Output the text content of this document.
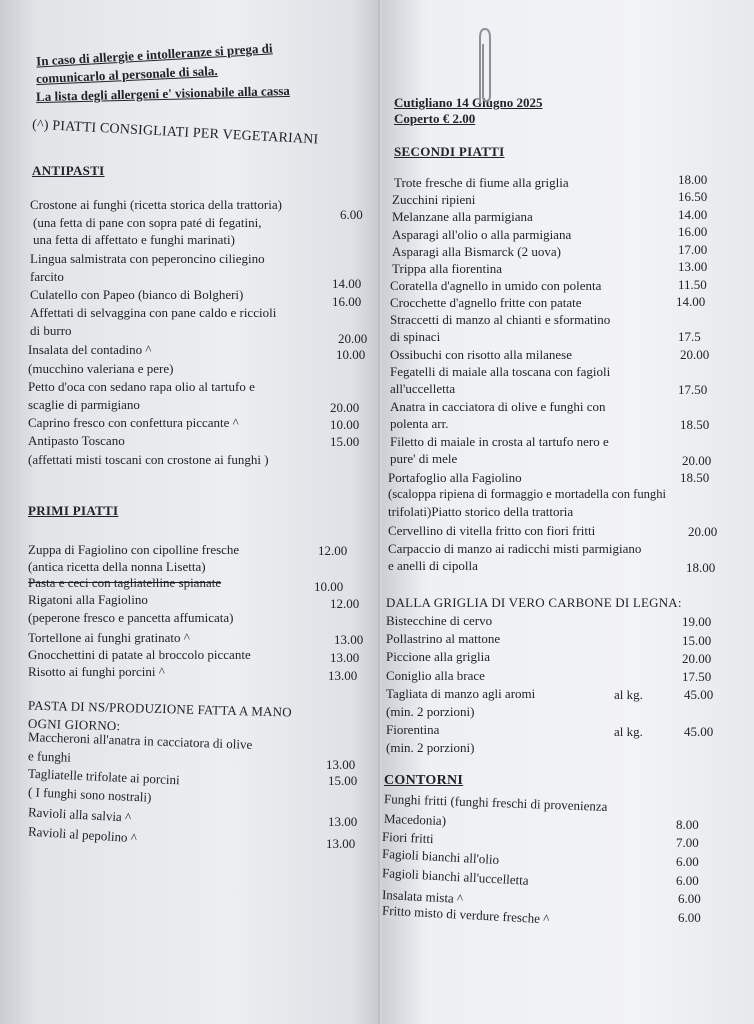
In caso di allergie e intolleranze si prega di
comunicarlo al personale di sala.
La lista degli allergeni e' visionabile alla cassa
(^) PIATTI CONSIGLIATI PER VEGETARIANI
ANTIPASTI
Crostone ai funghi (ricetta storica della trattoria)
(una fetta di pane con sopra paté di fegatini,
una fetta di affettato e funghi marinati)
Lingua salmistrata con peperoncino ciliegino
farcito
Culatello con Papeo (bianco di Bolgheri)
Affettati di selvaggina con pane caldo e riccioli
di burro
Insalata del contadino ^
(mucchino valeriana e pere)
Petto d'oca con sedano rapa olio al tartufo e
scaglie di parmigiano
Caprino fresco con confettura piccante ^
Antipasto Toscano
(affettati misti toscani con crostone ai funghi )
6.00
14.00
16.00
20.00
10.00
20.00
10.00
15.00
PRIMI PIATTI
Zuppa di Fagiolino con cipolline fresche
(antica ricetta della nonna Lisetta)
Pasta e ceci con tagliatelline spianate
Rigatoni alla Fagiolino
(peperone fresco e pancetta affumicata)
Tortellone ai funghi gratinato ^
Gnocchettini di patate al broccolo piccante
Risotto ai funghi porcini ^
12.00
10.00
12.00
13.00
13.00
13.00
PASTA DI NS/PRODUZIONE FATTA A MANO
OGNI GIORNO:
Maccheroni all'anatra in cacciatora di olive
e funghi
Tagliatelle trifolate ai porcini
( I funghi sono nostrali)
Ravioli alla salvia ^
Ravioli al pepolino ^
13.00
15.00
13.00
13.00
Cutigliano 14 Giugno 2025
Coperto € 2.00
SECONDI PIATTI
Trote fresche di fiume alla griglia
Zucchini ripieni
Melanzane alla parmigiana
Asparagi all'olio o alla parmigiana
Asparagi alla Bismarck (2 uova)
Trippa alla fiorentina
Coratella d'agnello in umido con polenta
Crocchette d'agnello fritte con patate
Straccetti di manzo al chianti e sformatino
di spinaci
Ossibuchi con risotto alla milanese
Fegatelli di maiale alla toscana con fagioli
all'uccelletta
Anatra in cacciatora di olive e funghi con
polenta arr.
Filetto di maiale in crosta al tartufo nero e
pure' di mele
Portafoglio alla Fagiolino
(scaloppa ripiena di formaggio e mortadella con funghi
trifolati)Piatto storico della trattoria
Cervellino di vitella fritto con fiori fritti
Carpaccio di manzo ai radicchi misti parmigiano
e anelli di cipolla
18.00
16.50
14.00
16.00
17.00
13.00
11.50
14.00
17.5
20.00
17.50
18.50
20.00
18.50
20.00
18.00
DALLA GRIGLIA DI VERO CARBONE DI LEGNA:
Bistecchine di cervo
Pollastrino al mattone
Piccione alla griglia
Coniglio alla brace
Tagliata di manzo agli aromi
(min. 2 porzioni)
Fiorentina
(min. 2 porzioni)
al kg.
al kg.
19.00
15.00
20.00
17.50
45.00
45.00
CONTORNI
Funghi fritti (funghi freschi di provenienza
Macedonia)
Fiori fritti
Fagioli bianchi all'olio
Fagioli bianchi all'uccelletta
Insalata mista ^
Fritto misto di verdure fresche ^
8.00
7.00
6.00
6.00
6.00
6.00
